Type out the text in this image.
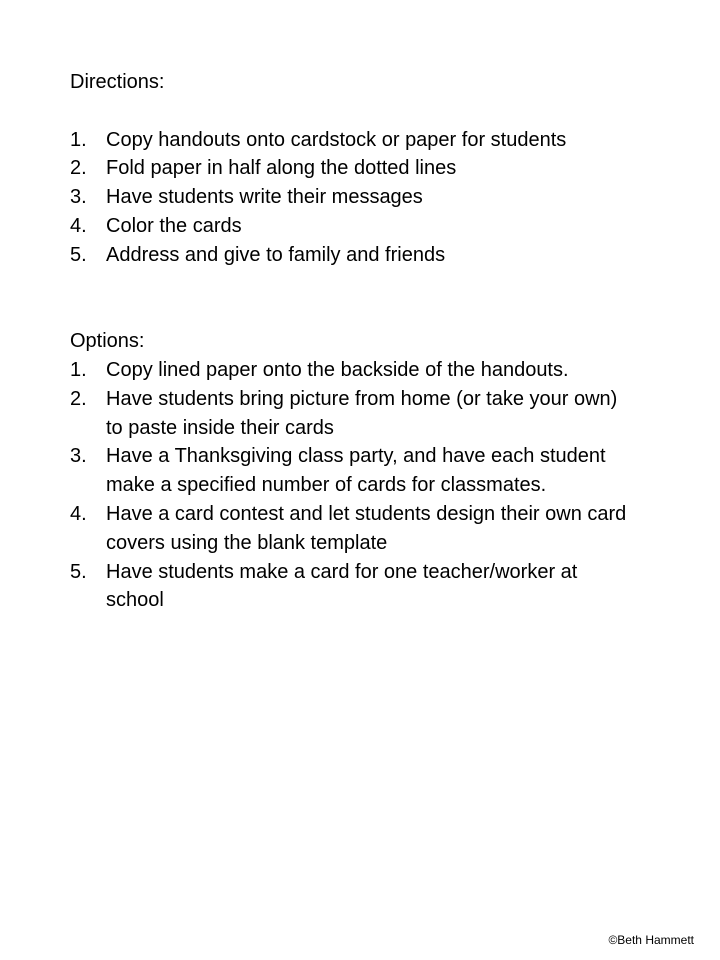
Directions:

1. Copy handouts onto cardstock or paper for students
2. Fold paper in half along the dotted lines
3. Have students write their messages
4. Color the cards
5. Address and give to family and friends

Options:

1. Copy lined paper onto the backside of the handouts.
2. Have students bring picture from home (or take your own) to paste inside their cards
3. Have a Thanksgiving class party, and have each student make a specified number of cards for classmates.
4. Have a card contest and let students design their own card covers using the blank template
5. Have students make a card for one teacher/worker at school
©Beth Hammett
